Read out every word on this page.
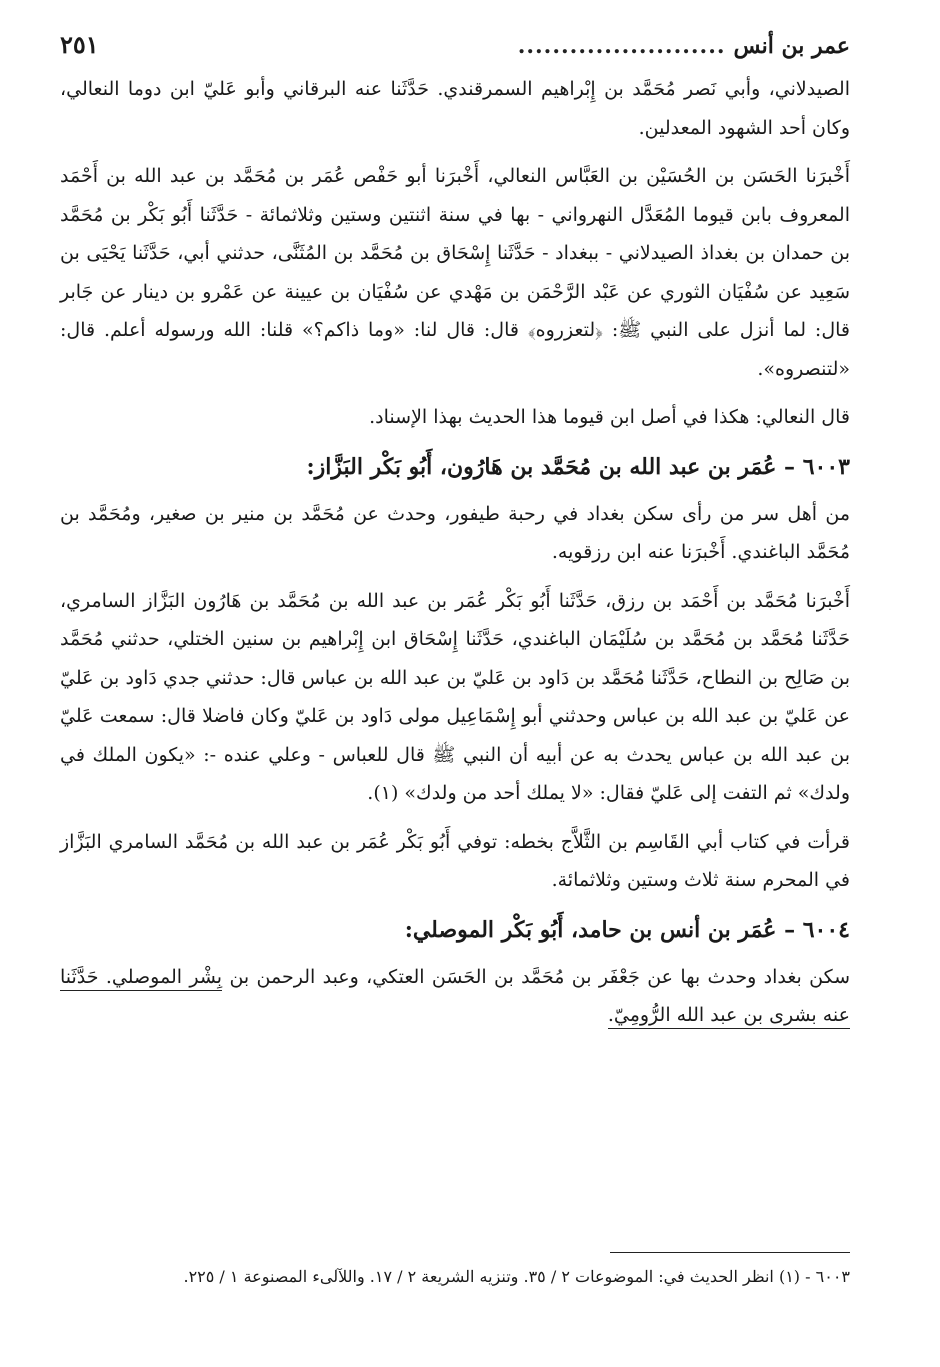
عمر بن أنس
........................
٢٥١

الصيدلاني، وأبي نَصر مُحَمَّد بن إِبْراهيم السمرقندي. حَدَّثَنا عنه البرقاني وأبو عَليّ ابن دوما النعالي، وكان أحد الشهود المعدلين.

أَخْبرَنا الحَسَن بن الحُسَيْن بن العَبَّاس النعالي، أَخْبرَنا أبو حَفْص عُمَر بن مُحَمَّد بن عبد الله بن أَحْمَد المعروف بابن قيوما المُعَدَّل النهرواني - بها في سنة اثنتين وستين وثلاثمائة - حَدَّثَنا أَبُو بَكْر بن مُحَمَّد بن حمدان بن بغداذ الصيدلاني - ببغداد - حَدَّثَنا إِسْحَاق بن مُحَمَّد بن المُثَنَّى، حدثني أبي، حَدَّثَنا يَحْيَى بن سَعِيد عن سُفْيَان الثوري عن عَبْد الرَّحْمَن بن مَهْدي عن سُفْيَان بن عيينة عن عَمْرو بن دينار عن جَابر قال: لما أنزل على النبي ﷺ: ﴿لتعزروه﴾ قال: قال لنا: «وما ذاكم؟» قلنا: الله ورسوله أعلم. قال: «لتنصروه».

قال النعالي: هكذا في أصل ابن قيوما هذا الحديث بهذا الإسناد.

٦٠٠٣ – عُمَر بن عبد الله بن مُحَمَّد بن هَارُون، أَبُو بَكْر البَزَّاز:

من أهل سر من رأى سكن بغداد في رحبة طيفور، وحدث عن مُحَمَّد بن منير بن صغير، ومُحَمَّد بن مُحَمَّد الباغندي. أَخْبرَنا عنه ابن رزقويه.

أَخْبرَنا مُحَمَّد بن أَحْمَد بن رزق، حَدَّثَنا أَبُو بَكْر عُمَر بن عبد الله بن مُحَمَّد بن هَارُون البَزَّاز السامري، حَدَّثَنا مُحَمَّد بن مُحَمَّد بن سُلَيْمَان الباغندي، حَدَّثَنا إِسْحَاق ابن إِبْراهيم بن سنين الختلي، حدثني مُحَمَّد بن صَالِح بن النطاح، حَدَّثَنا مُحَمَّد بن دَاود بن عَليّ بن عبد الله بن عباس قال: حدثني جدي دَاود بن عَليّ عن عَليّ بن عبد الله بن عباس وحدثني أبو إِسْمَاعِيل مولى دَاود بن عَليّ وكان فاضلا قال: سمعت عَليّ بن عبد الله بن عباس يحدث به عن أبيه أن النبي ﷺ قال للعباس - وعلي عنده -: «يكون الملك في ولدك» ثم التفت إلى عَليّ فقال: «لا يملك أحد من ولدك» (١).

قرأت في كتاب أبي القَاسِم بن الثَّلاَّج بخطه: توفي أَبُو بَكْر عُمَر بن عبد الله بن مُحَمَّد السامري البَزَّاز في المحرم سنة ثلاث وستين وثلاثمائة.

٦٠٠٤ – عُمَر بن أنس بن حامد، أَبُو بَكْر الموصلي:

سكن بغداد وحدث بها عن جَعْفَر بن مُحَمَّد بن الحَسَن العتكي، وعبد الرحمن بن بِشْر الموصلي. حَدَّثَنا عنه بشرى بن عبد الله الرُّومِيّ.

٦٠٠٣ - (١) انظر الحديث في: الموضوعات ٢ / ٣٥. وتنزيه الشريعة ٢ / ١٧. واللآلىء المصنوعة ١ / ٢٢٥.
